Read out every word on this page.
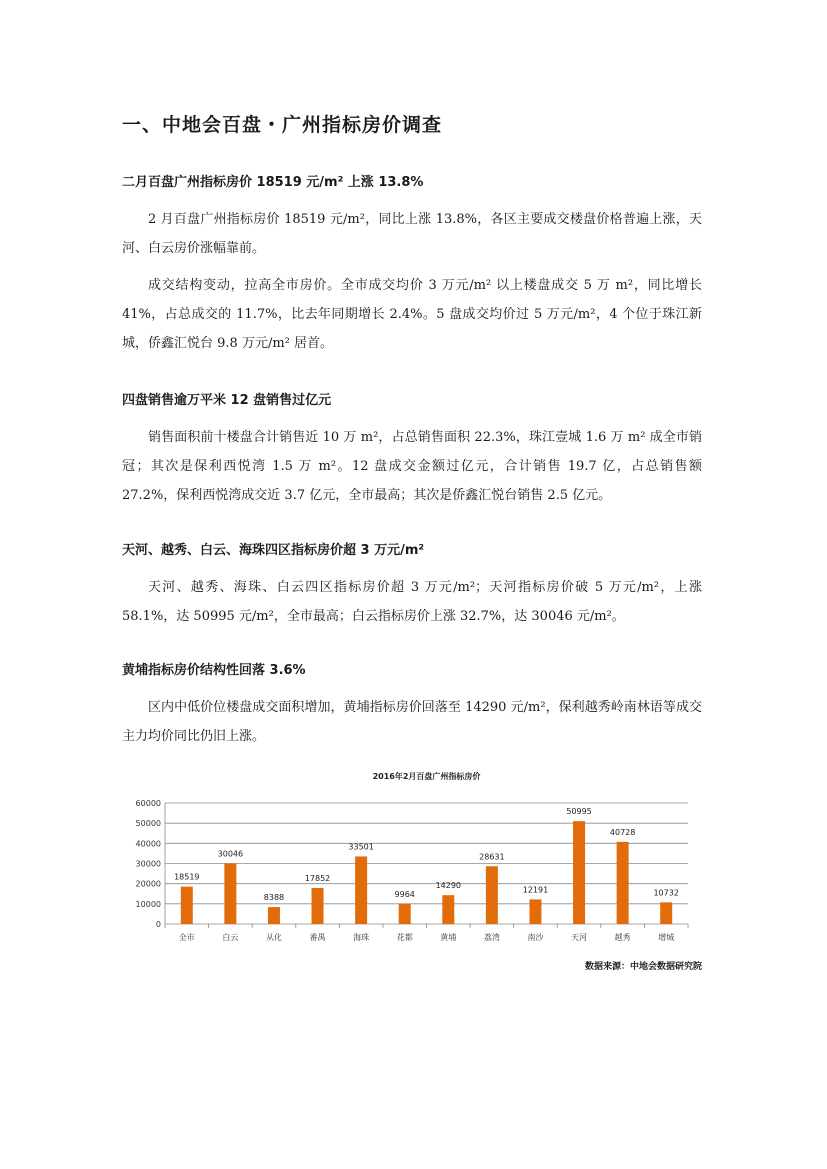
一、中地会百盘・广州指标房价调查
二月百盘广州指标房价 18519 元/m² 上涨 13.8%

2 月百盘广州指标房价 18519 元/m²，同比上涨 13.8%，各区主要成交楼盘价格普遍上涨，天河、白云房价涨幅靠前。

成交结构变动，拉高全市房价。全市成交均价 3 万元/m² 以上楼盘成交 5 万 m²，同比增长 41%，占总成交的 11.7%，比去年同期增长 2.4%。5 盘成交均价过 5 万元/m²，4 个位于珠江新城，侨鑫汇悦台 9.8 万元/m² 居首。

四盘销售逾万平米 12 盘销售过亿元

销售面积前十楼盘合计销售近 10 万 m²，占总销售面积 22.3%，珠江壹城 1.6 万 m² 成全市销冠；其次是保利西悦湾 1.5 万 m²。12 盘成交金额过亿元，合计销售 19.7 亿，占总销售额 27.2%，保利西悦湾成交近 3.7 亿元，全市最高；其次是侨鑫汇悦台销售 2.5 亿元。

天河、越秀、白云、海珠四区指标房价超 3 万元/m²

天河、越秀、海珠、白云四区指标房价超 3 万元/m²；天河指标房价破 5 万元/m²，上涨 58.1%，达 50995 元/m²，全市最高；白云指标房价上涨 32.7%，达 30046 元/m²。

黄埔指标房价结构性回落 3.6%

区内中低价位楼盘成交面积增加，黄埔指标房价回落至 14290 元/m²，保利越秀岭南林语等成交主力均价同比仍旧上涨。

2016年2月百盘广州指标房价
0
10000
20000
30000
40000
50000
60000
18519
全市
30046
白云
8388
从化
17852
番禺
33501
海珠
9964
花都
14290
黄埔
28631
荔湾
12191
南沙
50995
天河
40728
越秀
10732
增城

数据来源：中地会数据研究院
